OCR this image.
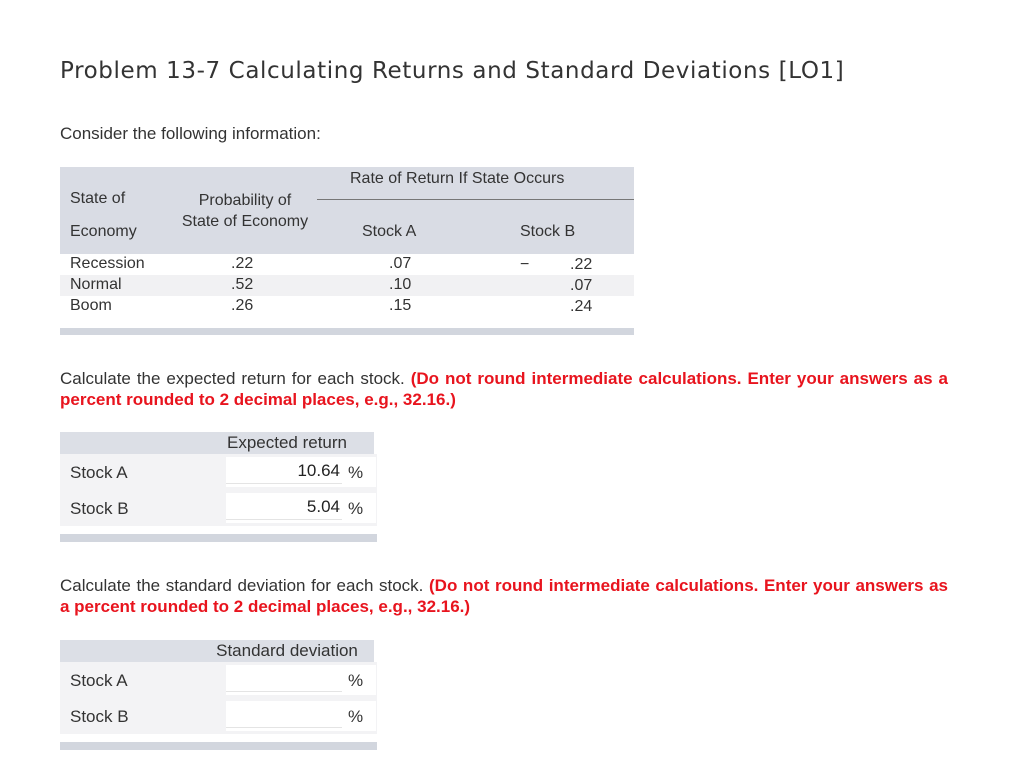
Problem 13-7 Calculating Returns and Standard Deviations [LO1]
Consider the following information:
Rate of Return If State Occurs
State of
Economy
Probability of State of Economy
Stock A	Stock B
Recession	.22	.07	−	.22
Normal	.52	.10	.07
Boom	.26	.15	.24
Calculate the expected return for each stock. (Do not round intermediate calculations. Enter your answers as a percent rounded to 2 decimal places, e.g., 32.16.)
Expected return
Stock A
10.64	%
Stock B
5.04	%
Calculate the standard deviation for each stock. (Do not round intermediate calculations. Enter your answers as a percent rounded to 2 decimal places, e.g., 32.16.)
Standard deviation
Stock A	%
Stock B	%
